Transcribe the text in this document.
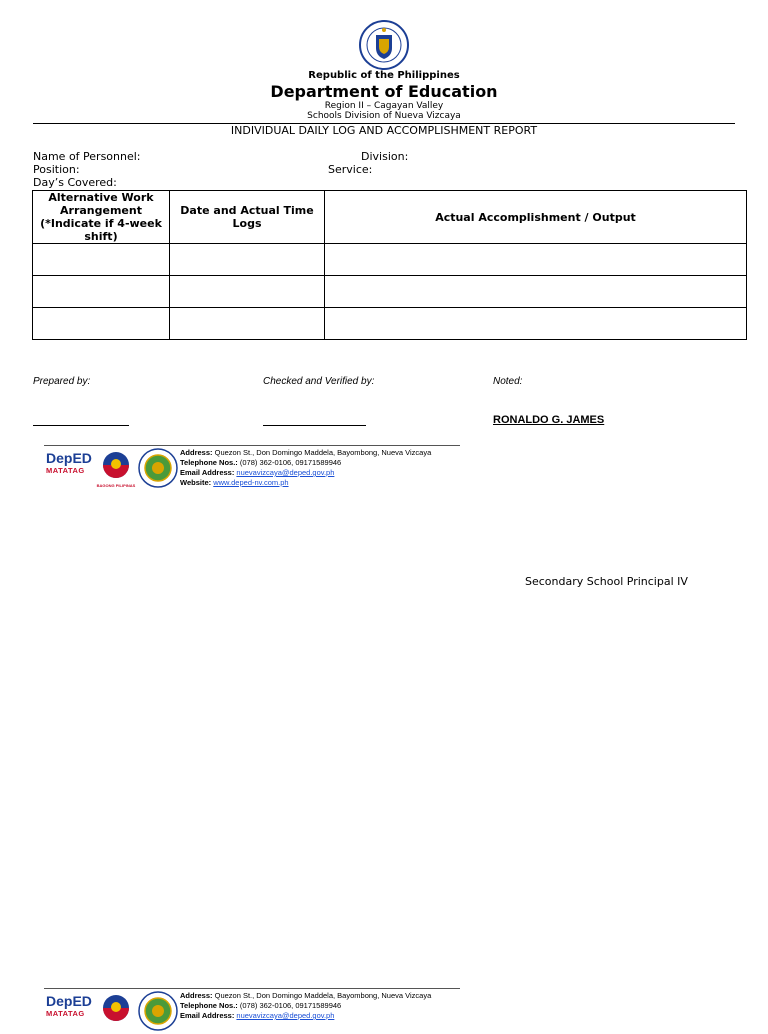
Republic of the Philippines
Department of Education
Region II – Cagayan Valley
Schools Division of Nueva Vizcaya
INDIVIDUAL DAILY LOG AND ACCOMPLISHMENT REPORT
Name of Personnel:	Division:
Position:	Service:
Day’s Covered:
Alternative Work Arrangement (*Indicate if 4-week shift)	Date and Actual Time Logs	Actual Accomplishment / Output

Prepared by:	Checked and Verified by:	Noted:
RONALDO G. JAMES
DepED
MATATAG
BAGONG PILIPINAS
Address: Quezon St., Don Domingo Maddela, Bayombong, Nueva Vizcaya
Telephone Nos.: (078) 362-0106, 09171589946
Email Address: nuevavizcaya@deped.gov.ph
Website: www.deped-nv.com.ph
Secondary School Principal IV
DepED
MATATAG
Address: Quezon St., Don Domingo Maddela, Bayombong, Nueva Vizcaya
Telephone Nos.: (078) 362-0106, 09171589946
Email Address: nuevavizcaya@deped.gov.ph
